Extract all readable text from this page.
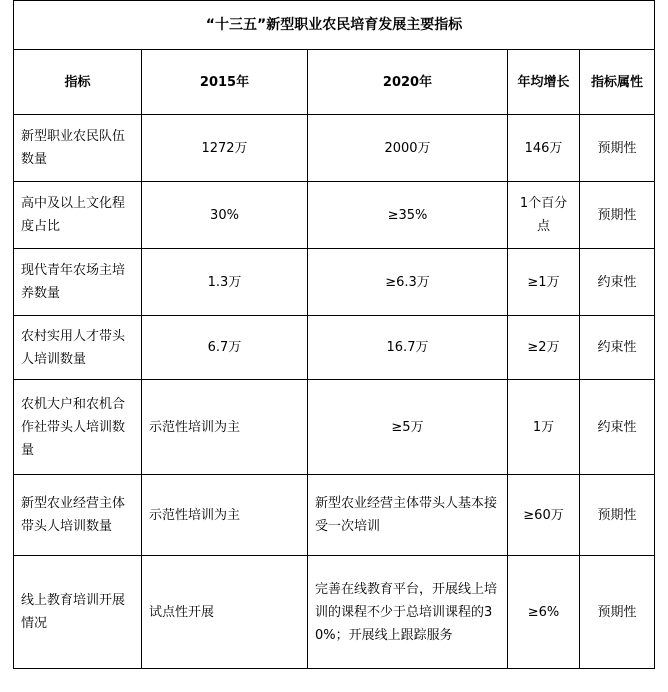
“十三五”新型职业农民培育发展主要指标				
指标	2015年	2020年	年均增长	指标属性
新型职业农民队伍数量	1272万	2000万	146万	预期性
高中及以上文化程度占比	30%	≥35%	1个百分点	预期性
现代青年农场主培养数量	1.3万	≥6.3万	≥1万	约束性
农村实用人才带头人培训数量	6.7万	16.7万	≥2万	约束性
农机大户和农机合作社带头人培训数量	示范性培训为主	≥5万	1万	约束性
新型农业经营主体带头人培训数量	示范性培训为主	新型农业经营主体带头人基本接受一次培训	≥60万	预期性
线上教育培训开展情况	试点性开展	完善在线教育平台，开展线上培训的课程不少于总培训课程的30%；开展线上跟踪服务	≥6%	预期性
